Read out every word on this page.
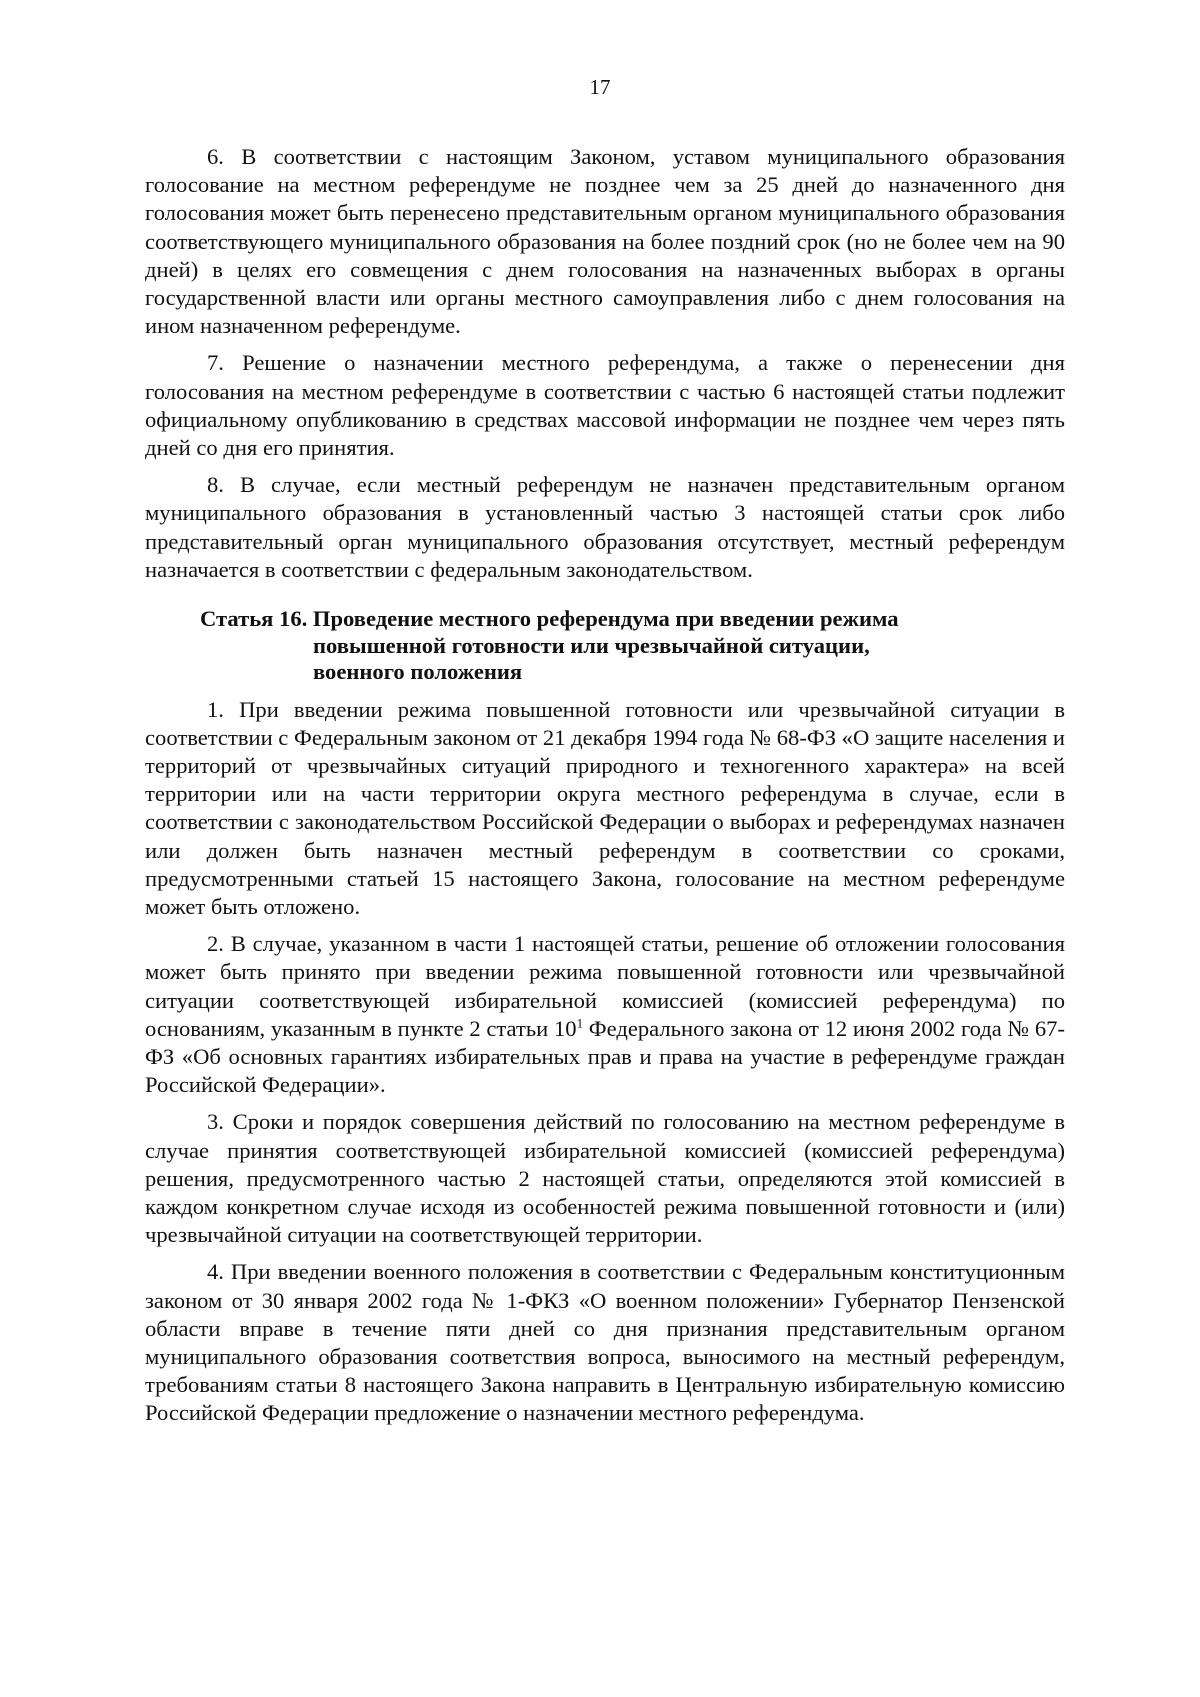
17

6. В соответствии с настоящим Законом, уставом муниципального образования голосование на местном референдуме не позднее чем за 25 дней до назначенного дня голосования может быть перенесено представительным органом муниципального образования соответствующего муниципального образования на более поздний срок (но не более чем на 90 дней) в целях его совмещения с днем голосования на назначенных выборах в органы государственной власти или органы местного самоуправления либо с днем голосования на ином назначенном референдуме.

7. Решение о назначении местного референдума, а также о перенесении дня голосования на местном референдуме в соответствии с частью 6 настоящей статьи подлежит официальному опубликованию в средствах массовой информации не позднее чем через пять дней со дня его принятия.

8. В случае, если местный референдум не назначен представительным органом муниципального образования в установленный частью 3 настоящей статьи срок либо представительный орган муниципального образования отсутствует, местный референдум назначается в соответствии с федеральным законодательством.

Статья 16. Проведение местного референдума при введении режима
повышенной готовности или чрезвычайной ситуации, военного положения

1. При введении режима повышенной готовности или чрезвычайной ситуации в соответствии с Федеральным законом от 21 декабря 1994 года № 68-ФЗ «О защите населения и территорий от чрезвычайных ситуаций природного и техногенного характера» на всей территории или на части территории округа местного референдума в случае, если в соответствии с законодательством Российской Федерации о выборах и референдумах назначен или должен быть назначен местный референдум в соответствии со сроками, предусмотренными статьей 15 настоящего Закона, голосование на местном референдуме может быть отложено.

2. В случае, указанном в части 1 настоящей статьи, решение об отложении голосования может быть принято при введении режима повышенной готовности или чрезвычайной ситуации соответствующей избирательной комиссией (комиссией референдума) по основаниям, указанным в пункте 2 статьи $10^1$ Федерального закона от 12 июня 2002 года № 67-ФЗ «Об основных гарантиях избирательных прав и права на участие в референдуме граждан Российской Федерации».

3. Сроки и порядок совершения действий по голосованию на местном референдуме в случае принятия соответствующей избирательной комиссией (комиссией референдума) решения, предусмотренного частью 2 настоящей статьи, определяются этой комиссией в каждом конкретном случае исходя из особенностей режима повышенной готовности и (или) чрезвычайной ситуации на соответствующей территории.

4. При введении военного положения в соответствии с Федеральным конституционным законом от 30 января 2002 года № 1-ФКЗ «О военном положении» Губернатор Пензенской области вправе в течение пяти дней со дня признания представительным органом муниципального образования соответствия вопроса, выносимого на местный референдум, требованиям статьи 8 настоящего Закона направить в Центральную избирательную комиссию Российской Федерации предложение о назначении местного референдума.
